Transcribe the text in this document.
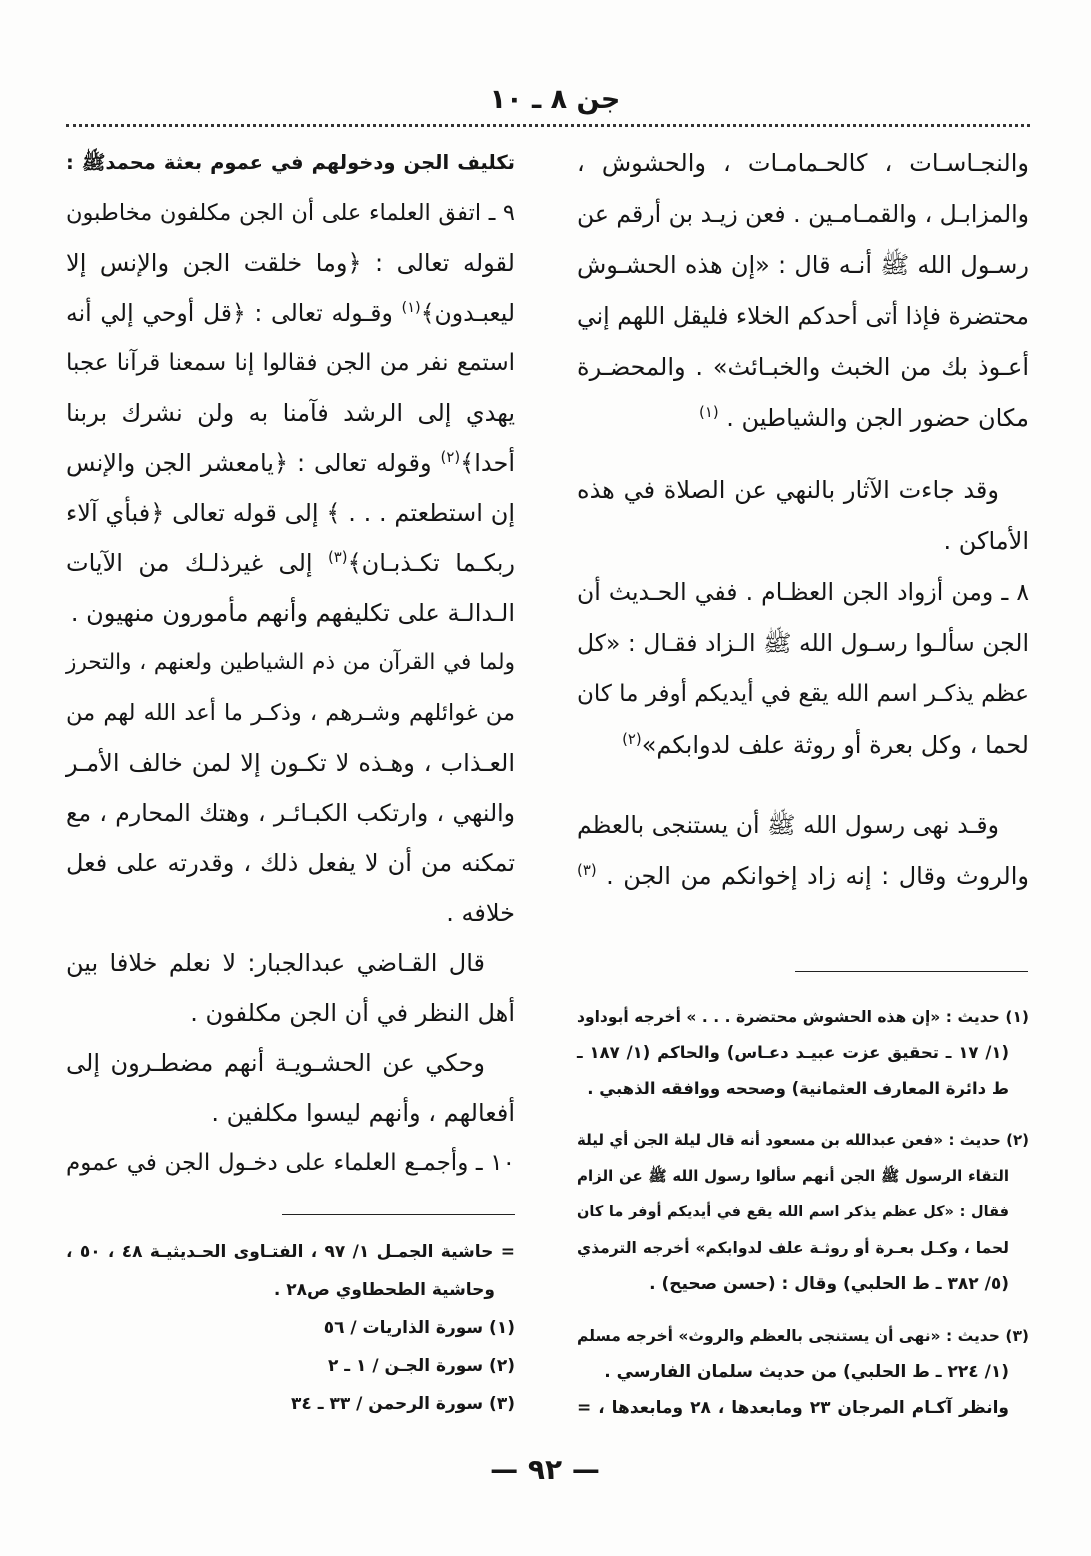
جن ٨ ـ ١٠
والنجـاسـات ، كالحـمامـات ، والحشوش ،
والمزابـل ، والقمـامـين . فعن زيـد بن أرقم عن
رسـول الله ﷺ أنـه قال : «إن هذه الحشـوش
محتضرة فإذا أتى أحدكم الخلاء فليقل اللهم إني
أعـوذ بك من الخبث والخبـائث» . والمحضـرة
مكان حضور الجن والشياطين . $^{(١)}$
وقد جاءت الآثار بالنهي عن الصلاة في هذه
الأماكن .
٨ ـ ومن أزواد الجن العظـام . ففي الحـديث أن
الجن سألـوا رسـول الله ﷺ الـزاد فقـال : «كل
عظم يذكـر اسم الله يقع في أيديكم أوفر ما كان
لحما ، وكل بعرة أو روثة علف لدوابكم»$^{(٢)}$
وقـد نهى رسول الله ﷺ أن يستنجى بالعظم
والروث وقال : إنه زاد إخوانكم من الجن . $^{(٣)}$
(١) حديث : «إن هذه الحشوش محتضرة . . . » أخرجه أبوداود
(١/ ١٧ ـ تحقيق عزت عبيـد دعـاس) والحاكم (١/ ١٨٧ ـ
ط دائرة المعارف العثمانية) وصححه ووافقه الذهبي .
(٢) حديث : «فعن عبدالله بن مسعود أنه قال ليلة الجن أي ليلة
التقاء الرسول ﷺ الجن أنهم سألوا رسول الله ﷺ عن الزام
فقال : «كل عظم يذكر اسم الله يقع في أيديكم أوفر ما كان
لحما ، وكـل بعـرة أو روثـة علف لدوابكم» أخرجه الترمذي
(٥/ ٣٨٢ ـ ط الحلبي) وقال : (حسن صحيح) .
(٣) حديث : «نهى أن يستنجى بالعظم والروث» أخرجه مسلم
(١/ ٢٢٤ ـ ط الحلبي) من حديث سلمان الفارسي .
وانظر آكـام المرجان ٢٣ ومابعدها ، ٢٨ ومابعدها ، =
تكليف الجن ودخولهم في عموم بعثة محمدﷺ :
٩ ـ اتفق العلماء على أن الجن مكلفون مخاطبون
لقوله تعالى : ﴿وما خلقت الجن والإنس إلا
ليعبـدون﴾$^{(١)}$ وقـوله تعالى : ﴿قل أوحي إلي أنه
استمع نفر من الجن فقالوا إنا سمعنا قرآنا عجبا
يهدي إلى الرشد فآمنا به ولن نشرك بربنا
أحدا﴾$^{(٢)}$ وقوله تعالى : ﴿يامعشر الجن والإنس
إن استطعتم . . . ﴾ إلى قوله تعالى ﴿فبأي آلاء
ربكـما تكـذبـان﴾$^{(٣)}$ إلى غيرذلـك من الآيات
الـدالـة على تكليفهم وأنهم مأمورون منهيون .
ولما في القرآن من ذم الشياطين ولعنهم ، والتحرز
من غوائلهم وشـرهم ، وذكـر ما أعد الله لهم من
العـذاب ، وهـذه لا تكـون إلا لمن خالف الأمـر
والنهي ، وارتكب الكبـائـر ، وهتك المحارم ، مع
تمكنه من أن لا يفعل ذلك ، وقدرته على فعل
خلافه .
قال القـاضي عبدالجبار: لا نعلم خلافا بين
أهل النظر في أن الجن مكلفون .
وحكي عن الحشـويـة أنهم مضطـرون إلى
أفعالهم ، وأنهم ليسوا مكلفين .
١٠ ـ وأجمـع العلماء على دخـول الجن في عموم
= حاشية الجمـل ١/ ٩٧ ، الفتـاوى الحـديثيـة ٤٨ ، ٥٠ ،
وحاشية الطحطاوي ص٢٨ .
(١) سورة الذاريات / ٥٦
(٢) سورة الجـن / ١ ـ ٢
(٣) سورة الرحمن / ٣٣ ـ ٣٤
— ٩٢ —
